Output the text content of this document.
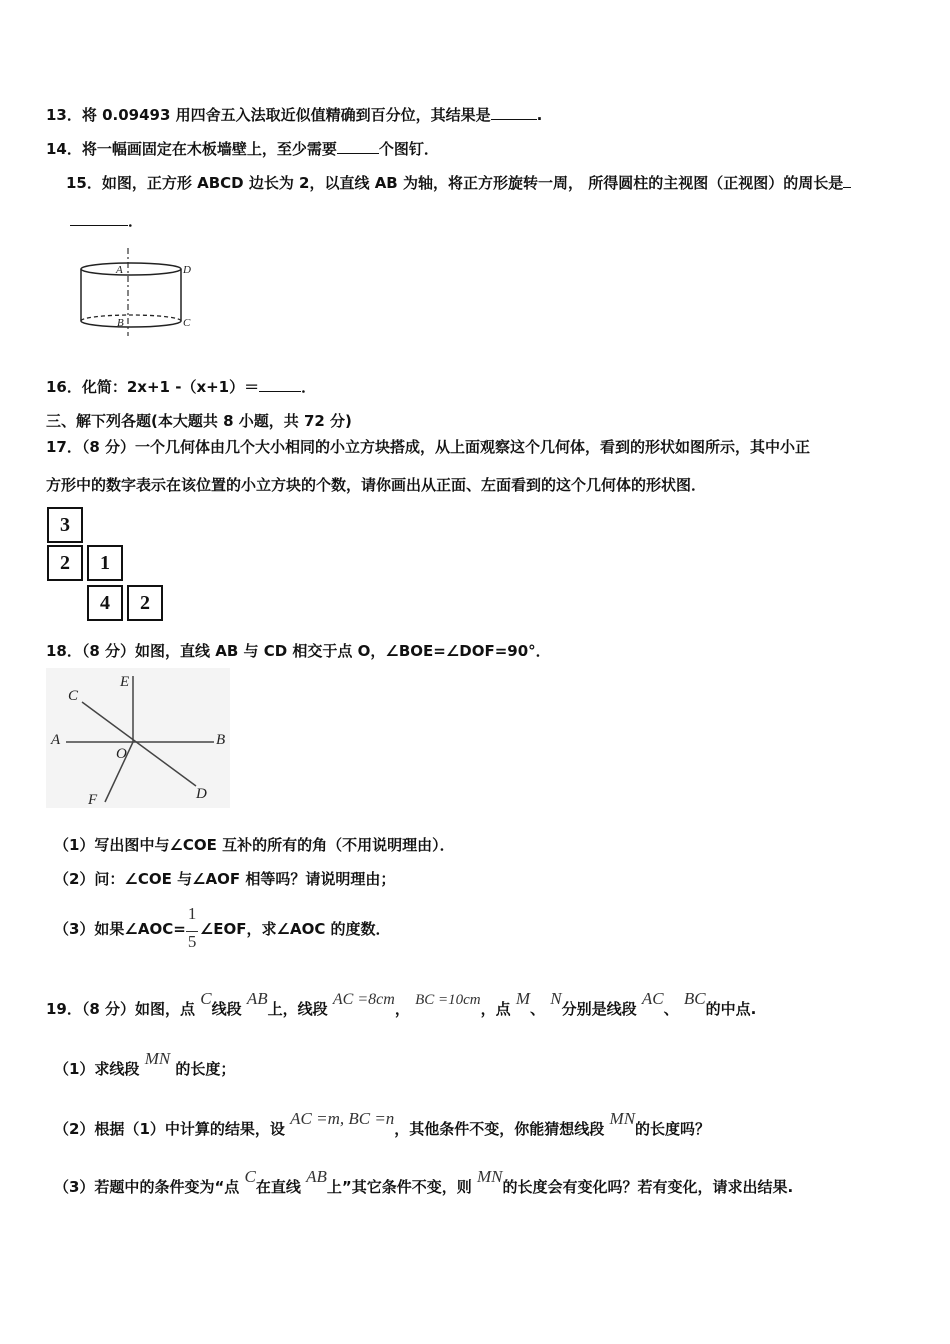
13．将 0.09493 用四舍五入法取近似值精确到百分位，其结果是	.
14．将一幅画固定在木板墙壁上，至少需要	个图钉．
15．如图，正方形 ABCD 边长为 2，以直线 AB 为轴，将正方形旋转一周， 所得圆柱的主视图（正视图）的周长是
．
A	D
B	C
16．化简：2x+1 -（x+1）＝	．
三、解下列各题(本大题共 8 小题，共 72 分)
17．（8 分）一个几何体由几个大小相同的小立方块搭成，从上面观察这个几何体，看到的形状如图所示，其中小正
方形中的数字表示在该位置的小立方块的个数，请你画出从正面、左面看到的这个几何体的形状图．
3
2	1
4	2
18．（8 分）如图，直线 AB 与 CD 相交于点 O，∠BOE=∠DOF=90°．
C
E
A
O
B
F	D
（1）写出图中与∠COE 互补的所有的角（不用说明理由）．
（2）问：∠COE 与∠AOF 相等吗？请说明理由；
（3）如果∠AOC= $\frac{1}{5}$ ∠EOF，求∠AOC 的度数．
19．（8 分）如图，点 C线段 AB上，线段 AC =8cm， BC =10cm，点 M、 N分别是线段 AC、 BC的中点.
（1）求线段 MN 的长度；
（2）根据（1）中计算的结果，设 AC =m, BC =n，其他条件不变，你能猜想线段 MN的长度吗？
（3）若题中的条件变为“点 C在直线 AB上”其它条件不变，则 MN的长度会有变化吗？若有变化，请求出结果.
